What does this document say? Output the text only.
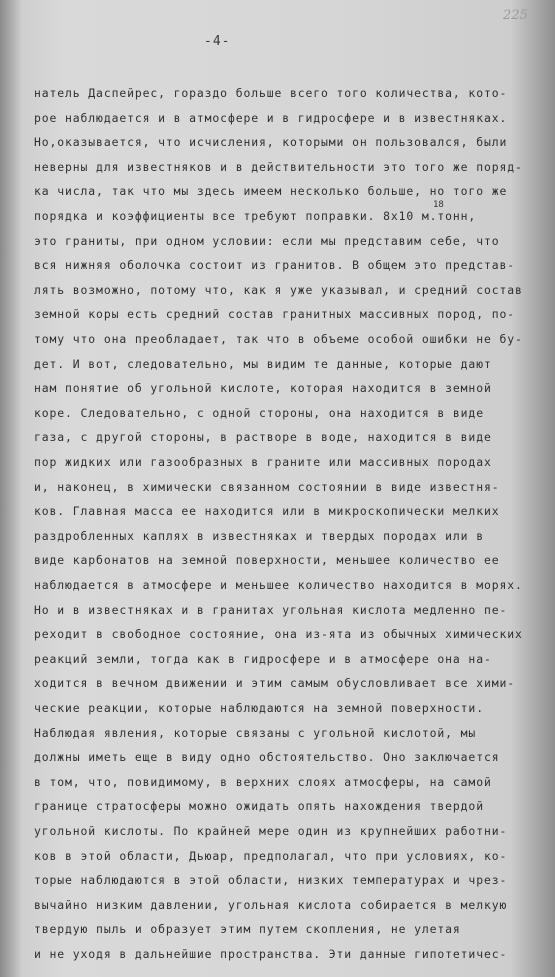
225
-4-
натель Даспейрес, гораздо больше всего того количества, кото-
рое наблюдается и в атмосфере и в гидросфере и в известняках.
Но,оказывается, что исчисления, которыми он пользовался, были
неверны для известняков и в действительности это того же поряд-
ка числа, так что мы здесь имеем несколько больше, но того же
порядка и коэффициенты все требуют поправки. 8х10 м.тонн,
это граниты, при одном условии: если мы представим себе, что
вся нижняя оболочка состоит из гранитов. В общем это представ-
лять возможно, потому что, как я уже указывал, и средний состав
земной коры есть средний состав гранитных массивных пород, по-
тому что она преобладает, так что в объеме особой ошибки не бу-
дет. И вот, следовательно, мы видим те данные, которые дают
нам понятие об угольной кислоте, которая находится в земной
коре. Следовательно, с одной стороны, она находится в виде
газа, с другой стороны, в растворе в воде, находится в виде
пор жидких или газообразных в граните или массивных породах
и, наконец, в химически связанном состоянии в виде известня-
ков. Главная масса ее находится или в микроскопически мелких
раздробленных каплях в известняках и твердых породах или в
виде карбонатов на земной поверхности, меньшее количество ее
наблюдается в атмосфере и меньшее количество находится в морях.
Но и в известняках и в гранитах угольная кислота медленно пе-
реходит в свободное состояние, она из-ята из обычных химических
реакций земли, тогда как в гидросфере и в атмосфере она на-
ходится в вечном движении и этим самым обусловливает все хими-
ческие реакции, которые наблюдаются на земной поверхности.
Наблюдая явления, которые связаны с угольной кислотой, мы
должны иметь еще в виду одно обстоятельство. Оно заключается
в том, что, повидимому, в верхних слоях атмосферы, на самой
границе стратосферы можно ожидать опять нахождения твердой
угольной кислоты. По крайней мере один из крупнейших работни-
ков в этой области, Дьюар, предполагал, что при условиях, ко-
торые наблюдаются в этой области, низких температурах и чрез-
вычайно низким давлении, угольная кислота собирается в мелкую
твердую пыль и образует этим путем скопления, не улетая
и не уходя в дальнейшие пространства. Эти данные гипотетичес-
18
